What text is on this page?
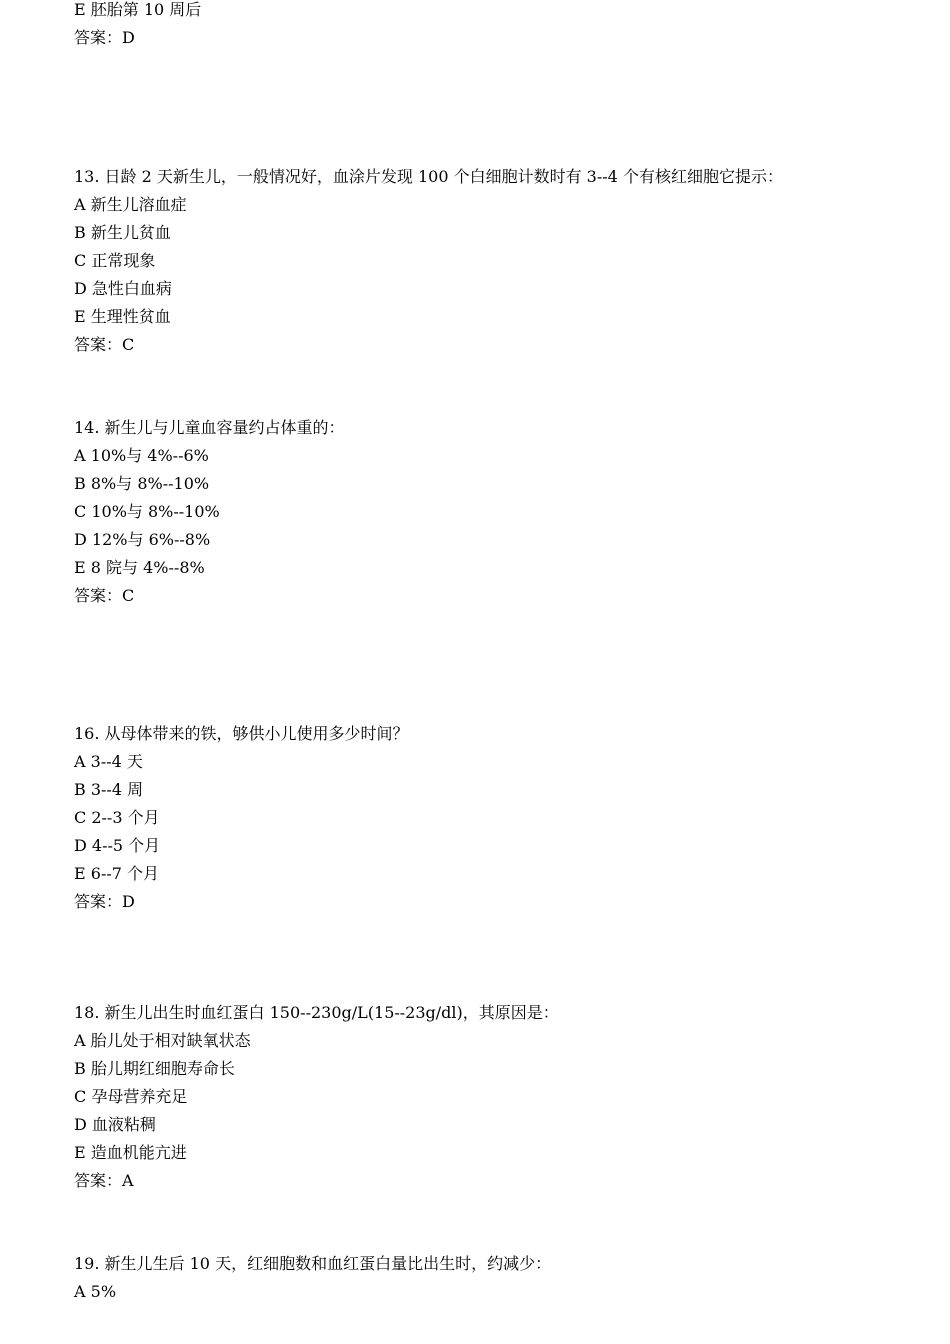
E 胚胎第 10 周后
答案：D
13. 日龄 2 天新生儿，一般情况好，血涂片发现 100 个白细胞计数时有 3--4 个有核红细胞它提示：
A 新生儿溶血症
B 新生儿贫血
C 正常现象
D 急性白血病
E 生理性贫血
答案：C
14. 新生儿与儿童血容量约占体重的：
A 10%与 4%--6%
B 8%与 8%--10%
C 10%与 8%--10%
D 12%与 6%--8%
E 8 院与 4%--8%
答案：C
16. 从母体带来的铁，够供小儿使用多少时间？
A 3--4 天
B 3--4 周
C 2--3 个月
D 4--5 个月
E 6--7 个月
答案：D
18. 新生儿出生时血红蛋白 150--230g/L(15--23g/dl)，其原因是：
A 胎儿处于相对缺氧状态
B 胎儿期红细胞寿命长
C 孕母营养充足
D 血液粘稠
E 造血机能亢进
答案：A
19. 新生儿生后 10 天，红细胞数和血红蛋白量比出生时，约减少：
A 5%
